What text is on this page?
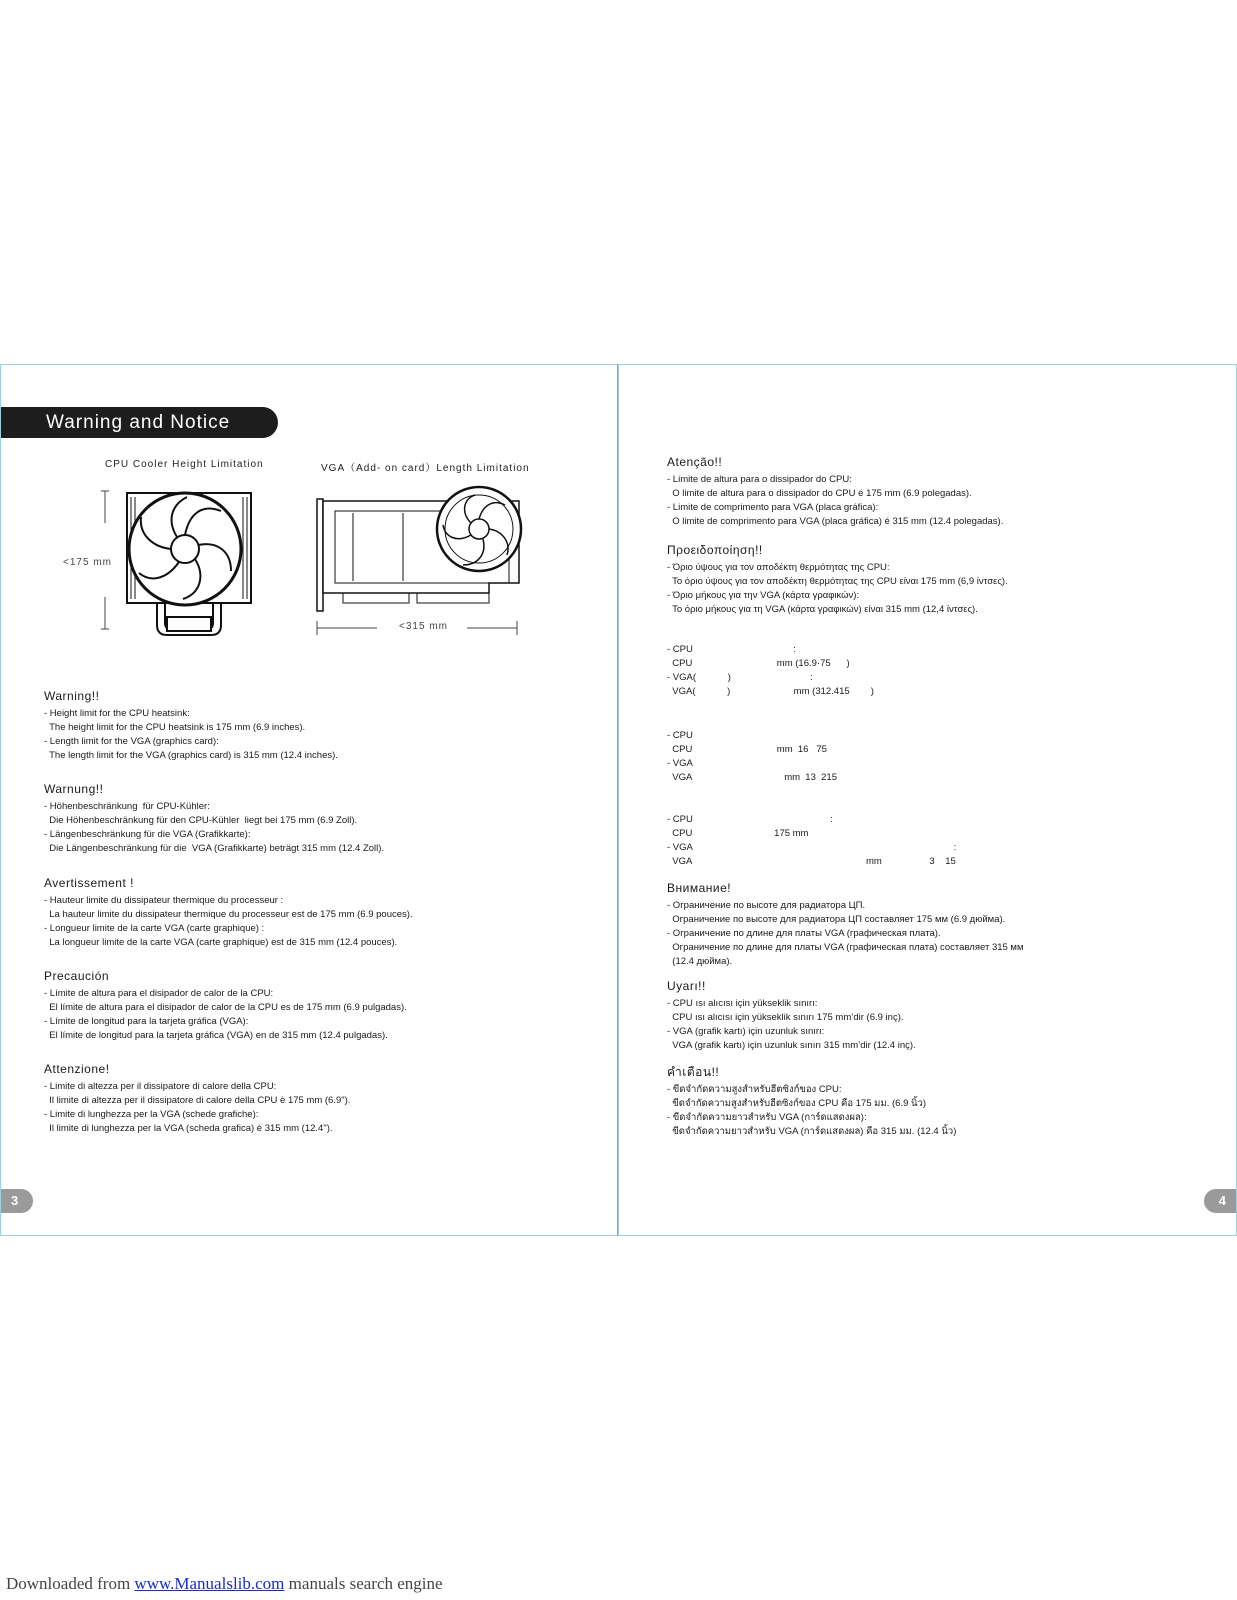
Warning and Notice
CPU Cooler Height Limitation	VGA（Add- on card）Length Limitation
<175 mm
<315 mm
Warning!!
- Height limit for the CPU heatsink:
The height limit for the CPU heatsink is 175 mm (6.9 inches).
- Length limit for the VGA (graphics card):
The length limit for the VGA (graphics card) is 315 mm (12.4 inches).
Warnung!!
- Höhenbeschränkung  für CPU-Kühler:
Die Höhenbeschränkung für den CPU-Kühler  liegt bei 175 mm (6.9 Zoll).
- Längenbeschränkung für die VGA (Grafikkarte):
Die Längenbeschränkung für die  VGA (Grafikkarte) beträgt 315 mm (12.4 Zoll).
Avertissement !
- Hauteur limite du dissipateur thermique du processeur :
La hauteur limite du dissipateur thermique du processeur est de 175 mm (6.9 pouces).
- Longueur limite de la carte VGA (carte graphique) :
La longueur limite de la carte VGA (carte graphique) est de 315 mm (12.4 pouces).
Precaución
- Límite de altura para el disipador de calor de la CPU:
El límite de altura para el disipador de calor de la CPU es de 175 mm (6.9 pulgadas).
- Límite de longitud para la tarjeta gráfica (VGA):
El límite de longitud para la tarjeta gráfica (VGA) en de 315 mm (12.4 pulgadas).
Attenzione!
- Limite di altezza per il dissipatore di calore della CPU:
Il limite di altezza per il dissipatore di calore della CPU è 175 mm (6.9").
- Limite di lunghezza per la VGA (schede grafiche):
Il limite di lunghezza per la VGA (scheda grafica) è 315 mm (12.4").
3
Atenção!!
- Limite de altura para o dissipador do CPU:
O limite de altura para o dissipador do CPU é 175 mm (6.9 polegadas).
- Limite de comprimento para VGA (placa gráfica):
O limite de comprimento para VGA (placa gráfica) é 315 mm (12.4 polegadas).
Προειδοποίηση!!
- Όριο ύψους για τον αποδέκτη θερμότητας της CPU:
Το όριο ύψους για τον αποδέκτη θερμότητας της CPU είναι 175 mm (6,9 ίντσες).
- Όριο μήκους για την VGA (κάρτα γραφικών):
Το όριο μήκους για τη VGA (κάρτα γραφικών) είναι 315 mm (12,4 ίντσες).
- CPU                                      :
CPU                                mm (16.9·75      )
- VGA(            )                              :
VGA(            )                        mm (312.415        )
- CPU
CPU                                mm  16   75
- VGA
VGA                                   mm  13  215
- CPU                                                    :
CPU                               175 mm
- VGA                                                                                                   :
VGA                                                                  mm                  3    15
Внимание!
- Ограничение по высоте для радиатора ЦП.
Ограничение по высоте для радиатора ЦП составляет 175 мм (6.9 дюйма).
- Ограничение по длине для платы VGA (графическая плата).
Ограничение по длине для платы VGA (графическая плата) составляет 315 мм
(12.4 дюйма).
Uyarı!!
- CPU ısı alıcısı için yükseklik sınırı:
CPU ısı alıcısı için yükseklik sınırı 175 mm’dir (6.9 inç).
- VGA (grafik kartı) için uzunluk sınırı:
VGA (grafik kartı) için uzunluk sınırı 315 mm’dir (12.4 inç).
คำเตือน!!
- ขีดจำกัดความสูงสำหรับฮีตซิงก์ของ CPU:
ขีดจำกัดความสูงสำหรับฮีตซิงก์ของ CPU คือ 175 มม. (6.9 นิ้ว)
- ขีดจำกัดความยาวสำหรับ VGA (การ์ดแสดงผล):
ขีดจำกัดความยาวสำหรับ VGA (การ์ดแสดงผล) คือ 315 มม. (12.4 นิ้ว)
4
Downloaded from www.Manualslib.com manuals search engine
